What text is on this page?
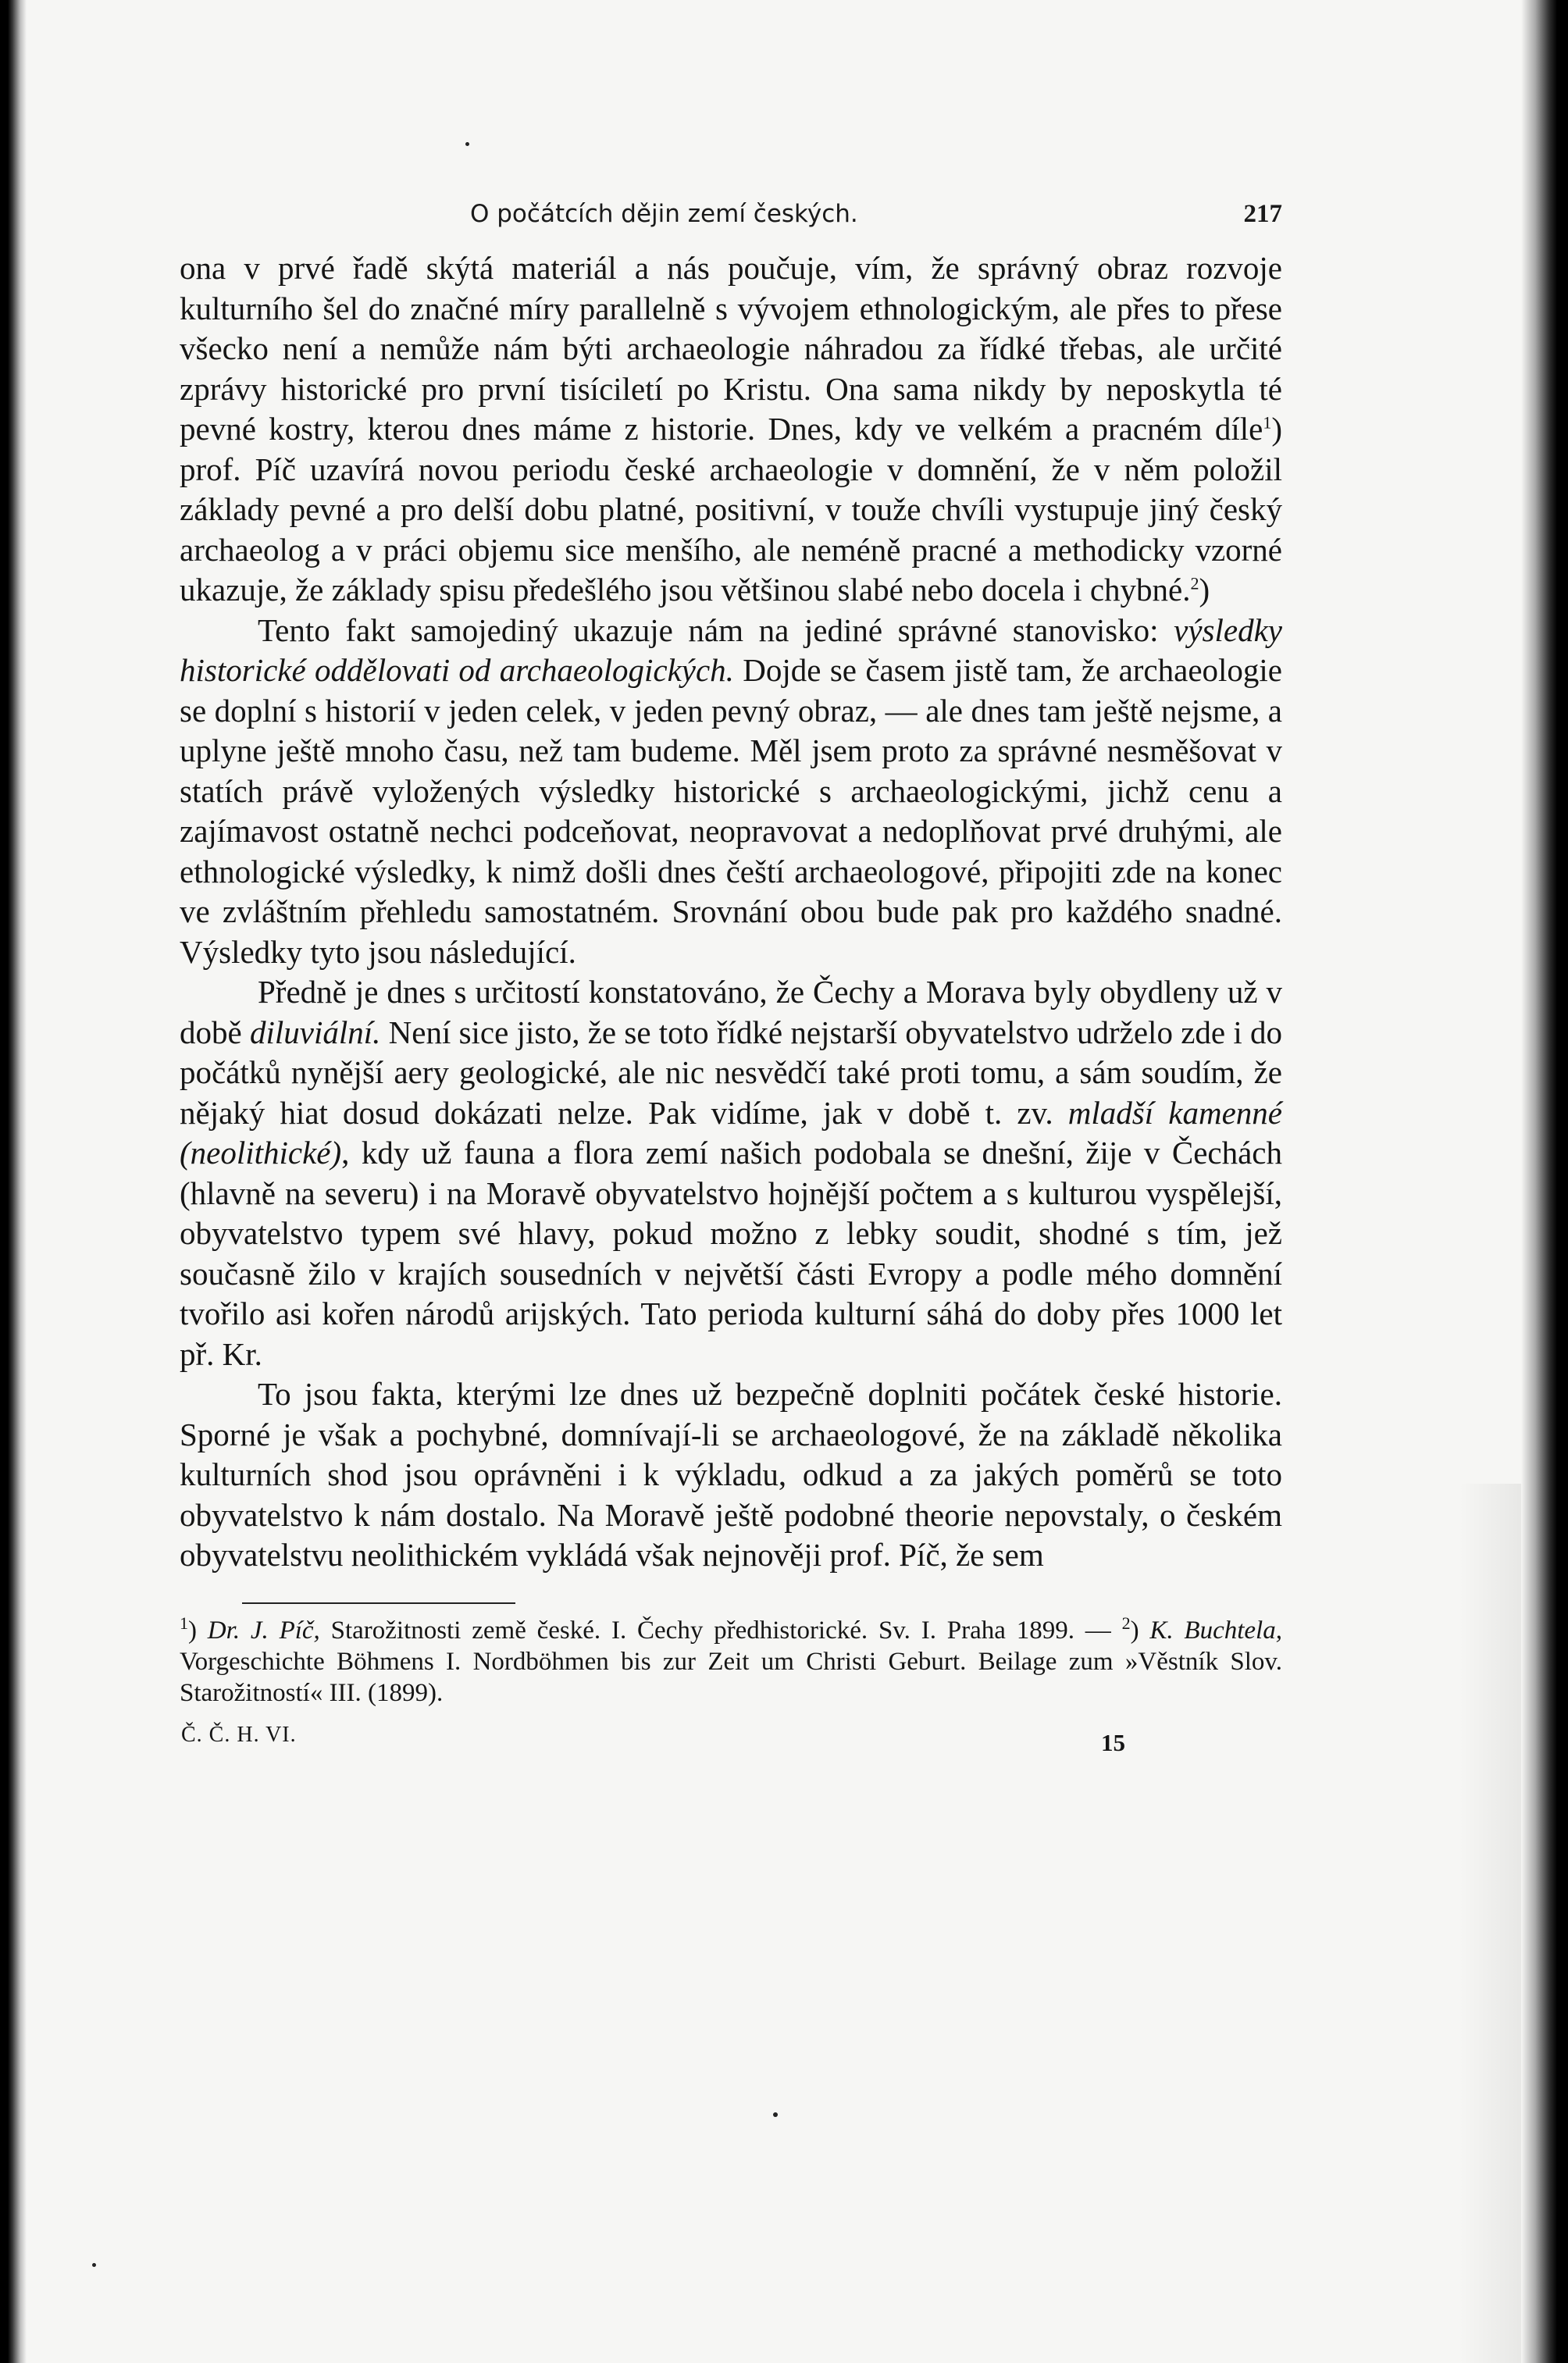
O počátcích dějin zemí českých.	217

ona v prvé řadě skýtá materiál a nás poučuje, vím, že správný obraz rozvoje kulturního šel do značné míry parallelně s vývojem ethnologickým, ale přes to přese všecko není a nemůže nám býti archaeologie náhradou za řídké třebas, ale určité zprávy historické pro první tisíciletí po Kristu. Ona sama nikdy by neposkytla té pevné kostry, kterou dnes máme z historie. Dnes, kdy ve velkém a pracném díle$^1$) prof. Píč uzavírá novou periodu české archaeologie v domnění, že v něm položil základy pevné a pro delší dobu platné, positivní, v touže chvíli vystupuje jiný český archaeolog a v práci objemu sice menšího, ale neméně pracné a methodicky vzorné ukazuje, že základy spisu předešlého jsou většinou slabé nebo docela i chybné.$^2$)

Tento fakt samojediný ukazuje nám na jediné správné stanovisko: výsledky historické oddělovati od archaeologických. Dojde se časem jistě tam, že archaeologie se doplní s historií v jeden celek, v jeden pevný obraz, — ale dnes tam ještě nejsme, a uplyne ještě mnoho času, než tam budeme. Měl jsem proto za správné nesměšovat v statích právě vyložených výsledky historické s archaeologickými, jichž cenu a zajímavost ostatně nechci podceňovat, neopravovat a nedoplňovat prvé druhými, ale ethnologické výsledky, k nimž došli dnes čeští archaeologové, připojiti zde na konec ve zvláštním přehledu samostatném. Srovnání obou bude pak pro každého snadné. Výsledky tyto jsou následující.

Předně je dnes s určitostí konstatováno, že Čechy a Morava byly obydleny už v době diluviální. Není sice jisto, že se toto řídké nejstarší obyvatelstvo udrželo zde i do počátků nynější aery geologické, ale nic nesvědčí také proti tomu, a sám soudím, že nějaký hiat dosud dokázati nelze. Pak vidíme, jak v době t. zv. mladší kamenné (neolithické), kdy už fauna a flora zemí našich podobala se dnešní, žije v Čechách (hlavně na severu) i na Moravě obyvatelstvo hojnější počtem a s kulturou vyspělejší, obyvatelstvo typem své hlavy, pokud možno z lebky soudit, shodné s tím, jež současně žilo v krajích sousedních v největší části Evropy a podle mého domnění tvořilo asi kořen národů arijských. Tato perioda kulturní sáhá do doby přes 1000 let př. Kr.

To jsou fakta, kterými lze dnes už bezpečně doplniti počátek české historie. Sporné je však a pochybné, domnívají-li se archaeologové, že na základě několika kulturních shod jsou oprávněni i k výkladu, odkud a za jakých poměrů se toto obyvatelstvo k nám dostalo. Na Moravě ještě podobné theorie nepovstaly, o českém obyvatelstvu neolithickém vykládá však nejnověji prof. Píč, že sem

$^1$) Dr. J. Píč, Starožitnosti země české. I. Čechy předhistorické. Sv. I. Praha 1899. — $^2$) K. Buchtela, Vorgeschichte Böhmens I. Nordböhmen bis zur Zeit um Christi Geburt. Beilage zum »Věstník Slov. Starožitností« III. (1899).

Č. Č. H. VI.	15
